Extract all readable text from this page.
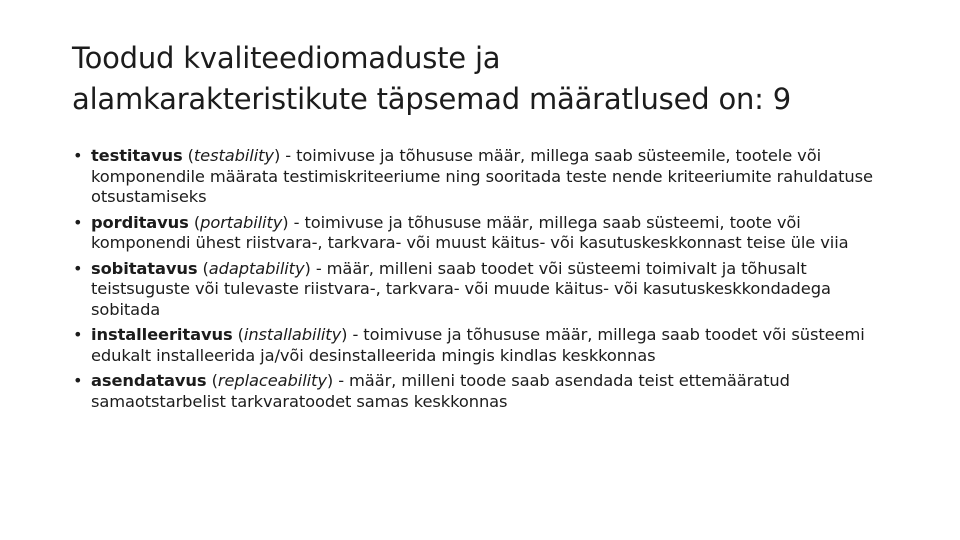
Toodud kvaliteediomaduste ja
alamkarakteristikute täpsemad määratlused on: 9
• testitavus (testability) - toimivuse ja tõhususe määr, millega saab süsteemile, tootele või komponendile määrata testimiskriteeriume ning sooritada teste nende kriteeriumite rahuldatuse otsustamiseks
• porditavus (portability) - toimivuse ja tõhususe määr, millega saab süsteemi, toote või komponendi ühest riistvara-, tarkvara- või muust käitus- või kasutuskeskkonnast teise üle viia
• sobitatavus (adaptability) - määr, milleni saab toodet või süsteemi toimivalt ja tõhusalt teistsuguste või tulevaste riistvara-, tarkvara- või muude käitus- või kasutuskeskkondadega sobitada
• installeeritavus (installability) - toimivuse ja tõhususe määr, millega saab toodet või süsteemi edukalt installeerida ja/või desinstalleerida mingis kindlas keskkonnas
• asendatavus (replaceability) - määr, milleni toode saab asendada teist ettemääratud samaotstarbelist tarkvaratoodet samas keskkonnas
